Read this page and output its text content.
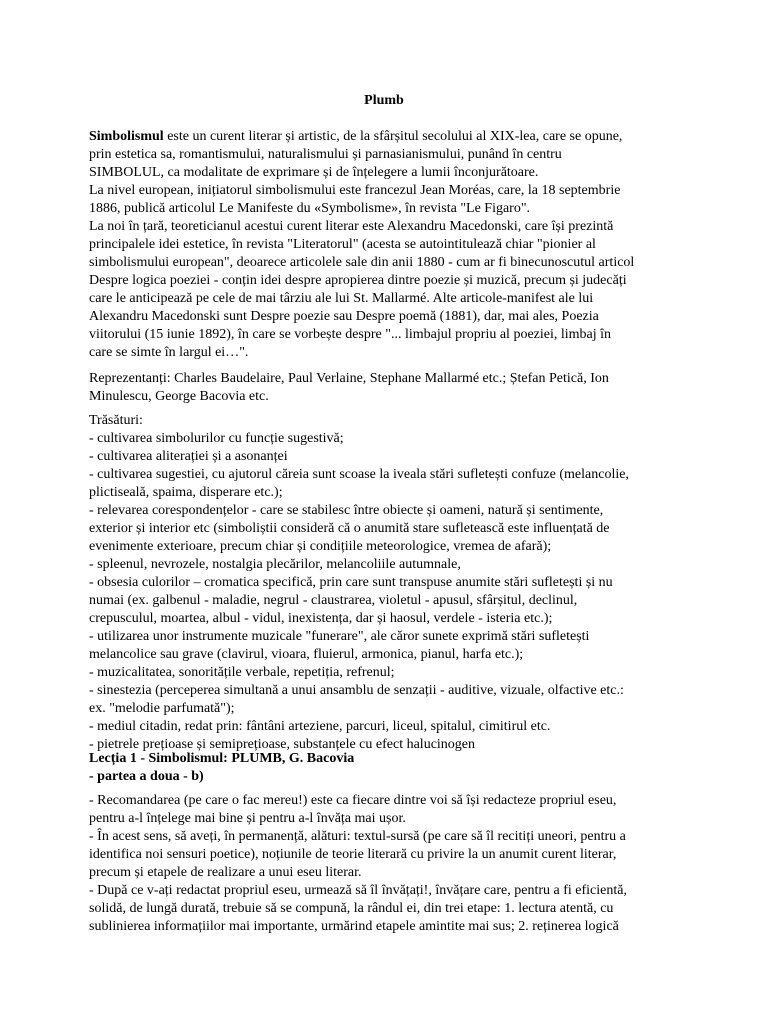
Plumb
Simbolismul este un curent literar și artistic, de la sfârșitul secolului al XIX-lea, care se opune,
prin estetica sa, romantismului, naturalismului și parnasianismului, punând în centru
SIMBOLUL, ca modalitate de exprimare și de înțelegere a lumii înconjurătoare.
La nivel european, inițiatorul simbolismului este francezul Jean Moréas, care, la 18 septembrie
1886, publică articolul Le Manifeste du «Symbolisme», în revista "Le Figaro".
La noi în țară, teoreticianul acestui curent literar este Alexandru Macedonski, care își prezintă
principalele idei estetice, în revista "Literatorul" (acesta se autointitulează chiar "pionier al
simbolismului european", deoarece articolele sale din anii 1880 - cum ar fi binecunoscutul articol
Despre logica poeziei - conțin idei despre apropierea dintre poezie și muzică, precum și judecăți
care le anticipează pe cele de mai târziu ale lui St. Mallarmé. Alte articole-manifest ale lui
Alexandru Macedonski sunt Despre poezie sau Despre poemă (1881), dar, mai ales, Poezia
viitorului (15 iunie 1892), în care se vorbește despre "... limbajul propriu al poeziei, limbaj în
care se simte în largul ei…".
Reprezentanți: Charles Baudelaire, Paul Verlaine, Stephane Mallarmé etc.; Ștefan Petică, Ion
Minulescu, George Bacovia etc.
Trăsături:
- cultivarea simbolurilor cu funcție sugestivă;
- cultivarea aliterației și a asonanței
- cultivarea sugestiei, cu ajutorul căreia sunt scoase la iveala stări sufletești confuze (melancolie,
plictiseală, spaima, disperare etc.);
- relevarea corespondențelor - care se stabilesc între obiecte și oameni, natură și sentimente,
exterior și interior etc (simboliștii consideră că o anumită stare sufletească este influențată de
evenimente exterioare, precum chiar și condițiile meteorologice, vremea de afară);
- spleenul, nevrozele, nostalgia plecărilor, melancoliile autumnale,
- obsesia culorilor – cromatica specifică, prin care sunt transpuse anumite stări sufletești și nu
numai (ex. galbenul - maladie, negrul - claustrarea, violetul - apusul, sfârșitul, declinul,
crepusculul, moartea, albul - vidul, inexistența, dar și haosul, verdele - isteria etc.);
- utilizarea unor instrumente muzicale "funerare", ale căror sunete exprimă stări sufletești
melancolice sau grave (clavirul, vioara, fluierul, armonica, pianul, harfa etc.);
- muzicalitatea, sonoritățile verbale, repetiția, refrenul;
- sinestezia (perceperea simultană a unui ansamblu de senzații - auditive, vizuale, olfactive etc.:
ex. "melodie parfumată");
- mediul citadin, redat prin: fântâni arteziene, parcuri, liceul, spitalul, cimitirul etc.
- pietrele prețioase și semiprețioase, substanțele cu efect halucinogen
Lecția 1 - Simbolismul: PLUMB, G. Bacovia
- partea a doua - b)
- Recomandarea (pe care o fac mereu!) este ca fiecare dintre voi să își redacteze propriul eseu,
pentru a-l înțelege mai bine și pentru a-l învăța mai ușor.
- În acest sens, să aveți, în permanență, alături: textul-sursă (pe care să îl recitiți uneori, pentru a
identifica noi sensuri poetice), noțiunile de teorie literară cu privire la un anumit curent literar,
precum și etapele de realizare a unui eseu literar.
- După ce v-ați redactat propriul eseu, urmează să îl învățați!, învățare care, pentru a fi eficientă,
solidă, de lungă durată, trebuie să se compună, la rândul ei, din trei etape: 1. lectura atentă, cu
sublinierea informațiilor mai importante, urmărind etapele amintite mai sus; 2. reținerea logică
